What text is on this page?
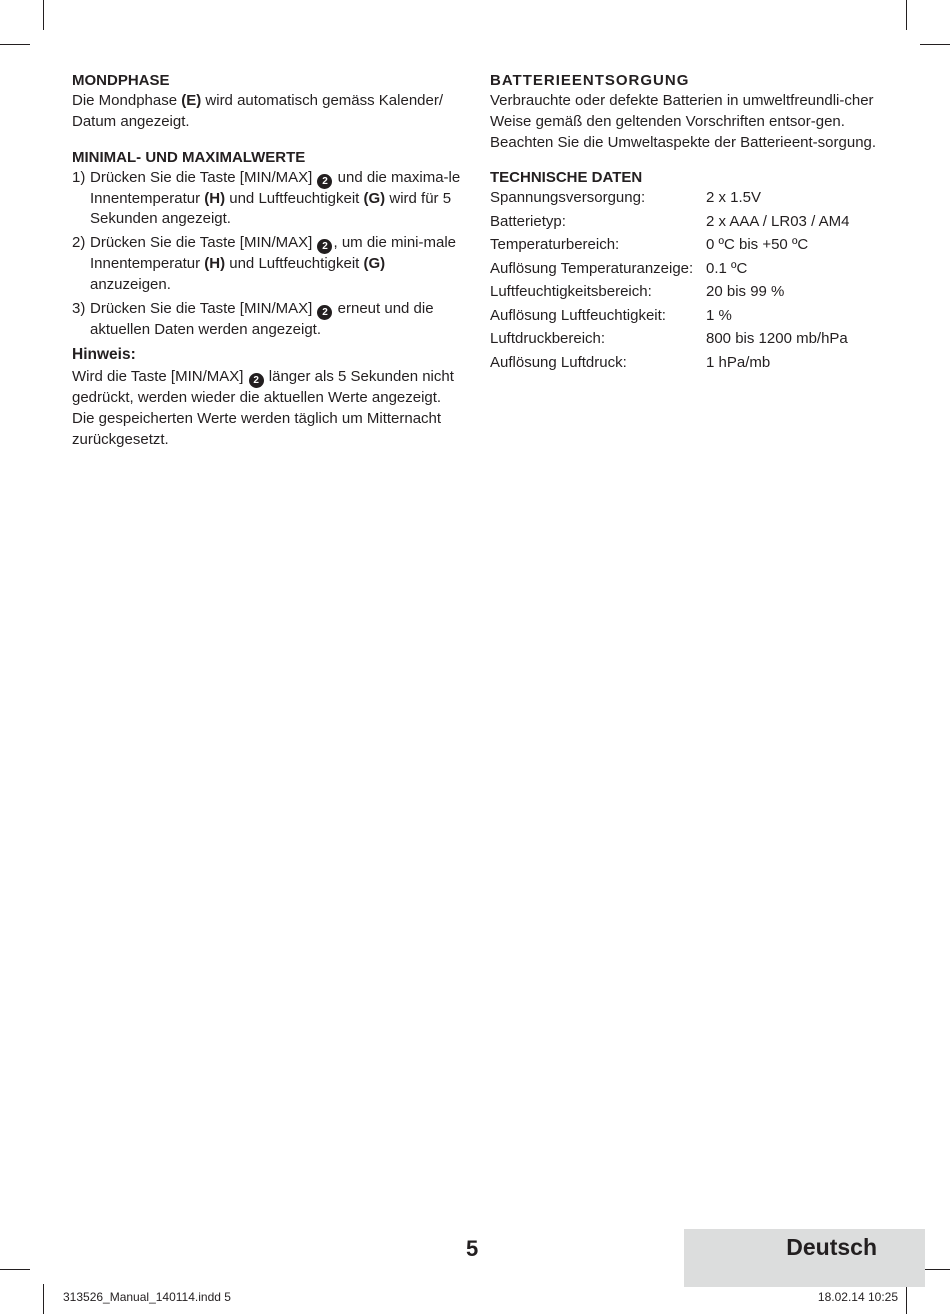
MONDPHASE

Die Mondphase (E) wird automatisch gemäss Kalender/ Datum angezeigt.

MINIMAL- UND MAXIMALWERTE
1) Drücken Sie die Taste [MIN/MAX] 2 und die maxima-le Innentemperatur (H) und Luftfeuchtigkeit (G) wird für 5 Sekunden angezeigt.
2) Drücken Sie die Taste [MIN/MAX] 2 , um die mini-male Innentemperatur (H) und Luftfeuchtigkeit (G) anzuzeigen.
3) Drücken Sie die Taste [MIN/MAX] 2 erneut und die aktuellen Daten werden angezeigt.
Hinweis:

Wird die Taste [MIN/MAX] 2 länger als 5 Sekunden nicht gedrückt, werden wieder die aktuellen Werte angezeigt. Die gespeicherten Werte werden täglich um Mitternacht zurückgesetzt.

BATTERIEENTSORGUNG

Verbrauchte oder defekte Batterien in umweltfreundli-cher Weise gemäß den geltenden Vorschriften entsor-gen. Beachten Sie die Umweltaspekte der Batterieent-sorgung.

TECHNISCHE DATEN
Spannungsversorgung:	2 x 1.5V
Batterietyp:	2 x AAA / LR03 / AM4
Temperaturbereich:	0 ºC bis +50 ºC
Auflösung Temperaturanzeige:	0.1 ºC
Luftfeuchtigkeitsbereich:	20 bis 99 %
Auflösung Luftfeuchtigkeit:	1 %
Luftdruckbereich:	800 bis 1200 mb/hPa
Auflösung Luftdruck:	1 hPa/mb
5	Deutsch
313526_Manual_140114.indd 5	18.02.14 10:25
